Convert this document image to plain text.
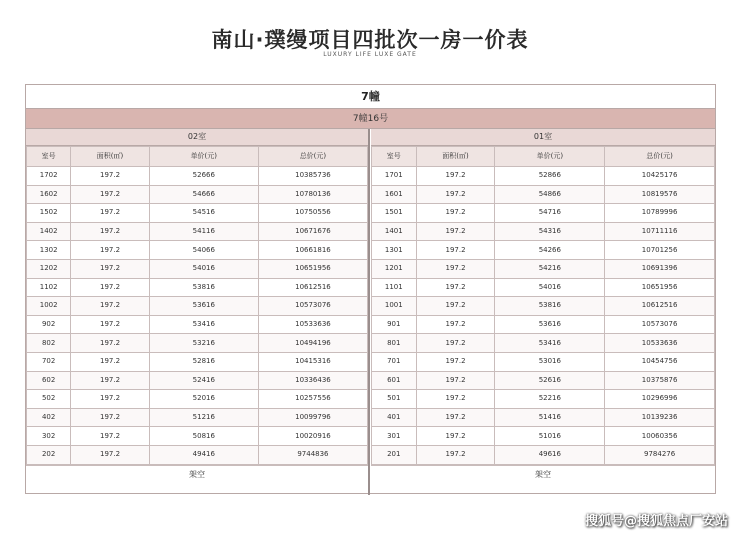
南山·璞缦项目四批次一房一价表
LUXURY LIFE LUXE GATE
7幢
7幢16号
02室
室号	面积(㎡)	单价(元)	总价(元)
1702	197.2	52666	10385736
1602	197.2	54666	10780136
1502	197.2	54516	10750556
1402	197.2	54116	10671676
1302	197.2	54066	10661816
1202	197.2	54016	10651956
1102	197.2	53816	10612516
1002	197.2	53616	10573076
902	197.2	53416	10533636
802	197.2	53216	10494196
702	197.2	52816	10415316
602	197.2	52416	10336436
502	197.2	52016	10257556
402	197.2	51216	10099796
302	197.2	50816	10020916
202	197.2	49416	9744836
架空
01室
室号	面积(㎡)	单价(元)	总价(元)
1701	197.2	52866	10425176
1601	197.2	54866	10819576
1501	197.2	54716	10789996
1401	197.2	54316	10711116
1301	197.2	54266	10701256
1201	197.2	54216	10691396
1101	197.2	54016	10651956
1001	197.2	53816	10612516
901	197.2	53616	10573076
801	197.2	53416	10533636
701	197.2	53016	10454756
601	197.2	52616	10375876
501	197.2	52216	10296996
401	197.2	51416	10139236
301	197.2	51016	10060356
201	197.2	49616	9784276
架空
搜狐号@搜狐焦点厂安站
